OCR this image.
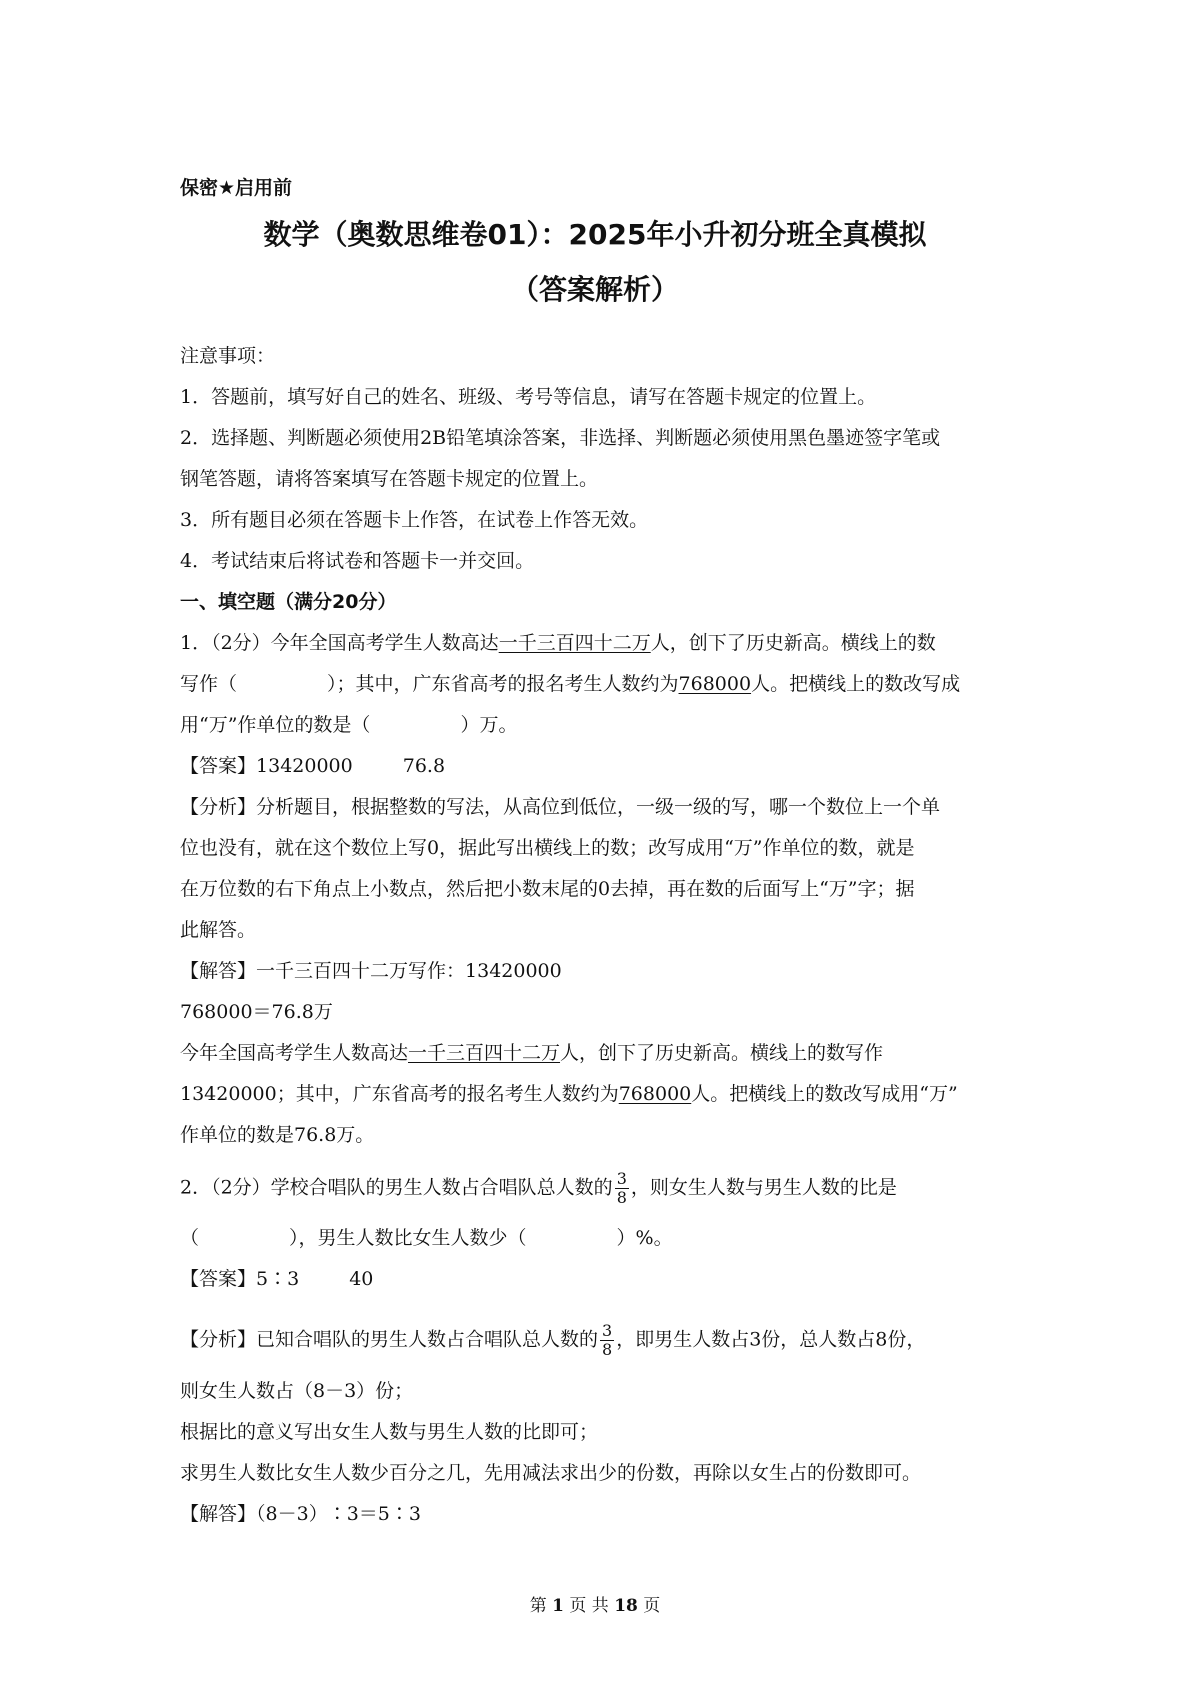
保密★启用前
数学（奥数思维卷01）：2025年小升初分班全真模拟
（答案解析）
注意事项：
1．答题前，填写好自己的姓名、班级、考号等信息，请写在答题卡规定的位置上。
2．选择题、判断题必须使用2B铅笔填涂答案，非选择、判断题必须使用黑色墨迹签字笔或
钢笔答题，请将答案填写在答题卡规定的位置上。
3．所有题目必须在答题卡上作答，在试卷上作答无效。
4．考试结束后将试卷和答题卡一并交回。
一、填空题（满分20分）
1．（2分）今年全国高考学生人数高达一千三百四十二万人，创下了历史新高。横线上的数
写作（	）；其中，广东省高考的报名考生人数约为768000人。把横线上的数改写成
用“万”作单位的数是（	）万。
【答案】13420000	76.8
【分析】分析题目，根据整数的写法，从高位到低位，一级一级的写，哪一个数位上一个单
位也没有，就在这个数位上写0，据此写出横线上的数；改写成用“万”作单位的数，就是
在万位数的右下角点上小数点，然后把小数末尾的0去掉，再在数的后面写上“万”字；据
此解答。
【解答】一千三百四十二万写作：13420000
768000＝76.8万
今年全国高考学生人数高达一千三百四十二万人，创下了历史新高。横线上的数写作
13420000；其中，广东省高考的报名考生人数约为768000人。把横线上的数改写成用“万”
作单位的数是76.8万。
2．（2分）学校合唱队的男生人数占合唱队总人数的 $\frac{3}{8}$ ，则女生人数与男生人数的比是
（	），男生人数比女生人数少（	）%。
【答案】5∶3	40
【分析】已知合唱队的男生人数占合唱队总人数的 $\frac{3}{8}$ ，即男生人数占3份，总人数占8份，
则女生人数占（8－3）份；
根据比的意义写出女生人数与男生人数的比即可；
求男生人数比女生人数少百分之几，先用减法求出少的份数，再除以女生占的份数即可。
【解答】（8－3）∶3＝5∶3
第 1 页 共 18 页
